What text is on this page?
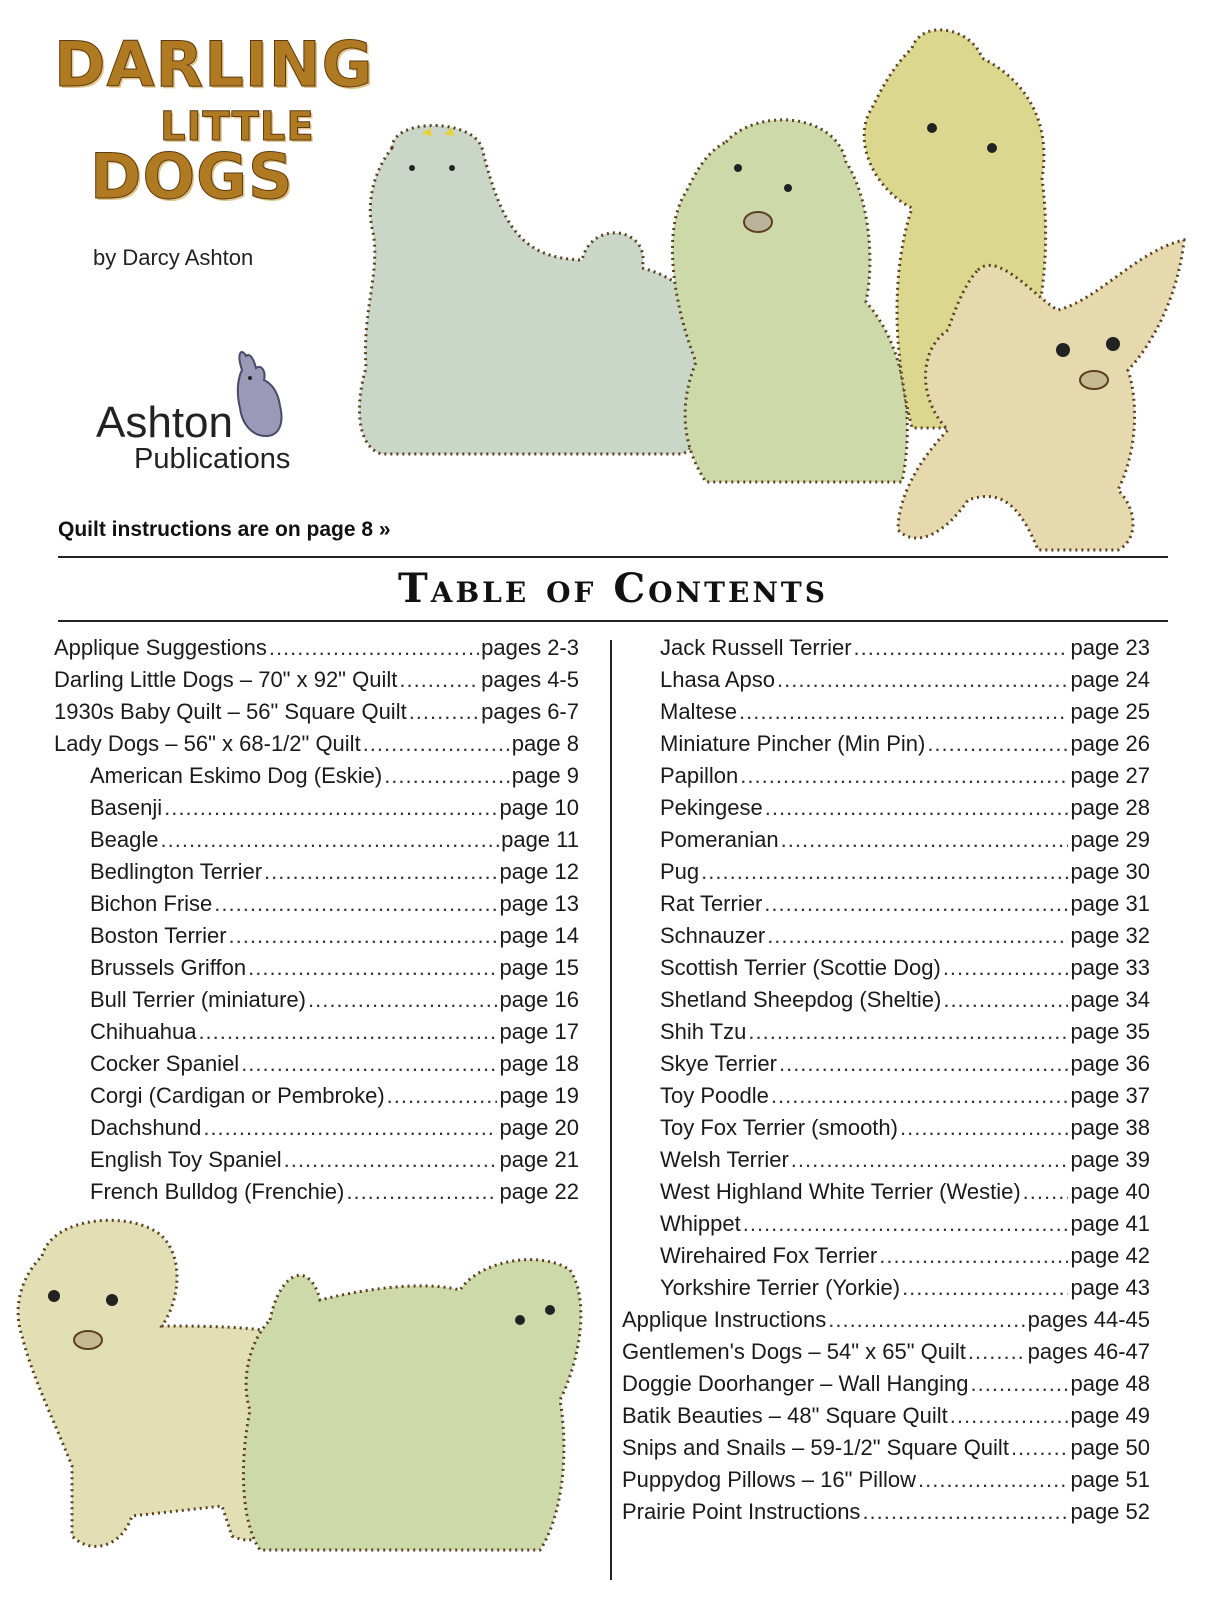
DARLING
LITTLE
DOGS
by Darcy Ashton
Ashton
Publications
Quilt instructions are on page 8 »
Table of Contents
Applique Suggestions .....	pages 2-3
Darling Little Dogs – 70" x 92" Quilt .....	pages 4-5
1930s Baby Quilt – 56" Square Quilt .....	pages 6-7
Lady Dogs – 56" x 68-1/2" Quilt .....	page 8
American Eskimo Dog (Eskie) .....	page 9
Basenji .....	page 10
Beagle .....	page 11
Bedlington Terrier .....	page 12
Bichon Frise .....	page 13
Boston Terrier .....	page 14
Brussels Griffon .....	page 15
Bull Terrier (miniature) .....	page 16
Chihuahua .....	page 17
Cocker Spaniel .....	page 18
Corgi (Cardigan or Pembroke) .....	page 19
Dachshund .....	page 20
English Toy Spaniel .....	page 21
French Bulldog (Frenchie) .....	page 22
Jack Russell Terrier .....	page 23
Lhasa Apso .....	page 24
Maltese .....	page 25
Miniature Pincher (Min Pin) .....	page 26
Papillon .....	page 27
Pekingese .....	page 28
Pomeranian .....	page 29
Pug .....	page 30
Rat Terrier .....	page 31
Schnauzer .....	page 32
Scottish Terrier (Scottie Dog) .....	page 33
Shetland Sheepdog (Sheltie) .....	page 34
Shih Tzu .....	page 35
Skye Terrier .....	page 36
Toy Poodle .....	page 37
Toy Fox Terrier (smooth) .....	page 38
Welsh Terrier .....	page 39
West Highland White Terrier (Westie) ..... page 40
Whippet .....	page 41
Wirehaired Fox Terrier .....	page 42
Yorkshire Terrier (Yorkie) .....	page 43
Applique Instructions .....	pages 44-45
Gentlemen's Dogs – 54" x 65" Quilt .....	pages 46-47
Doggie Doorhanger – Wall Hanging .....	page 48
Batik Beauties – 48" Square Quilt .....	page 49
Snips and Snails – 59-1/2" Square Quilt .....	page 50
Puppydog Pillows – 16" Pillow .....	page 51
Prairie Point Instructions .....	page 52
